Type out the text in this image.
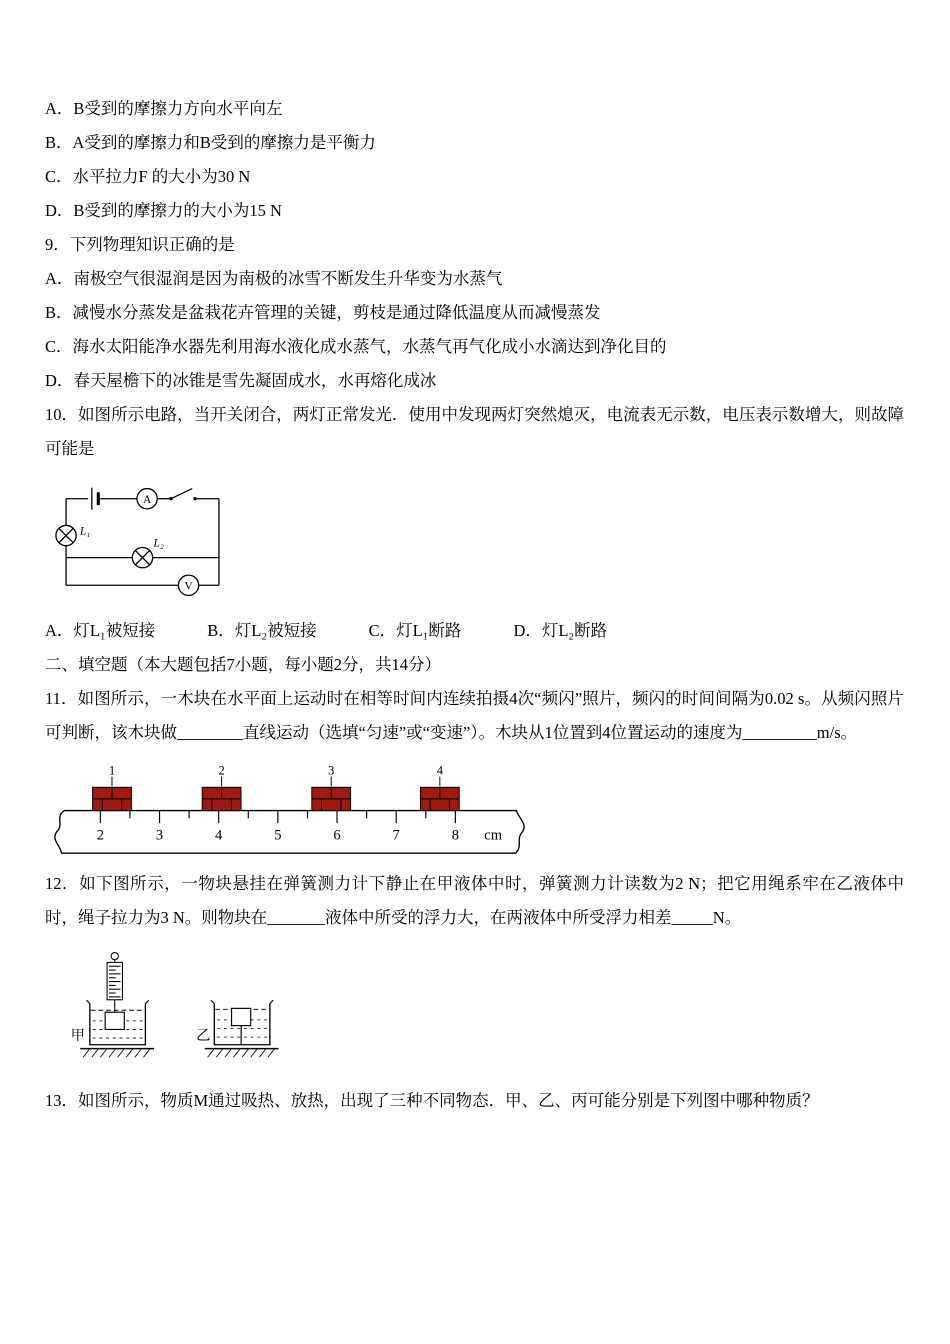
A．B受到的摩擦力方向水平向左

B．A受到的摩擦力和B受到的摩擦力是平衡力

C．水平拉力F 的大小为30 N

D．B受到的摩擦力的大小为15 N

9．下列物理知识正确的是

A．南极空气很湿润是因为南极的冰雪不断发生升华变为水蒸气

B．减慢水分蒸发是盆栽花卉管理的关键，剪枝是通过降低温度从而减慢蒸发

C．海水太阳能净水器先利用海水液化成水蒸气，水蒸气再气化成小水滴达到净化目的

D．春天屋檐下的冰锥是雪先凝固成水，水再熔化成冰

10．如图所示电路，当开关闭合，两灯正常发光．使用中发现两灯突然熄灭，电流表无示数，电压表示数增大，则故障可能是

A
V
L₁
L₂
A．灯L₁被短接	B．灯L₂被短接	C．灯L₁断路	D．灯L₂断路

二、填空题（本大题包括7小题，每小题2分，共14分）

11．如图所示，一木块在水平面上运动时在相等时间内连续拍摄4次“频闪”照片，频闪的时间间隔为0.02 s。从频闪照片可判断，该木块做________直线运动（选填“匀速”或“变速”）。木块从1位置到4位置运动的速度为_________m/s。

2	3	4	5	6	7	8 cm
1	2	3	4

12．如下图所示，一物块悬挂在弹簧测力计下静止在甲液体中时，弹簧测力计读数为2 N；把它用绳系牢在乙液体中时，绳子拉力为3 N。则物块在_______液体中所受的浮力大，在两液体中所受浮力相差_____N。

甲	乙

13．如图所示，物质M通过吸热、放热，出现了三种不同物态．甲、乙、丙可能分别是下列图中哪种物质？
